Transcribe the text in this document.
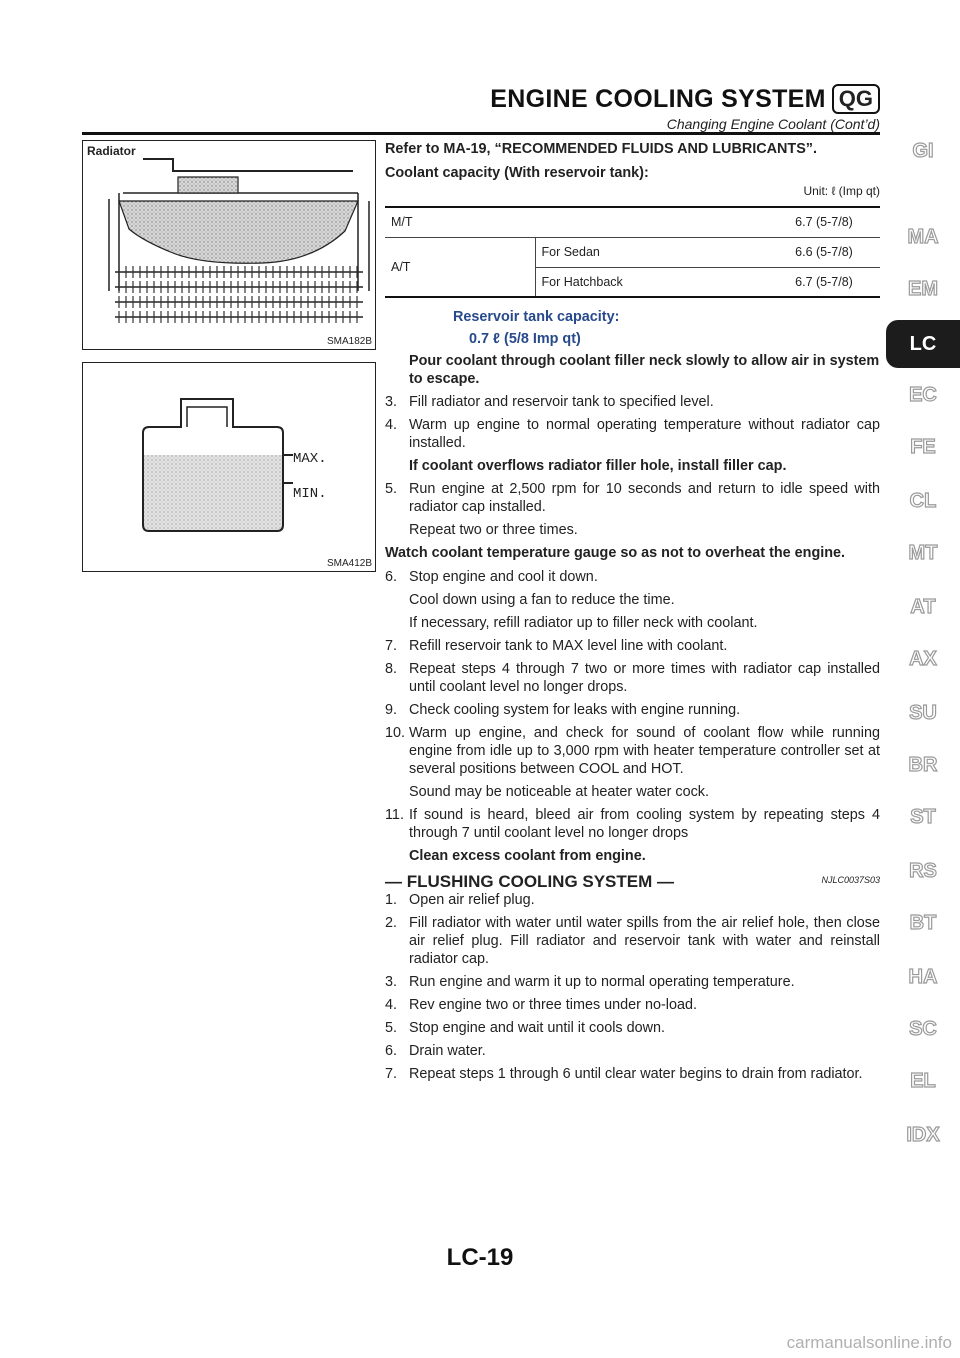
ENGINE COOLING SYSTEM QG
Changing Engine Coolant (Cont’d)
Radiator
SMA182B
MAX.
MIN.
SMA412B
Refer to MA-19, “RECOMMENDED FLUIDS AND LUBRICANTS”.
Coolant capacity (With reservoir tank):
Unit: ℓ (Imp qt)
M/T		6.7 (5-7/8)
A/T	For Sedan	6.6 (5-7/8)
	For Hatchback	6.7 (5-7/8)
Reservoir tank capacity:
0.7 ℓ (5/8 Imp qt)
Pour coolant through coolant filler neck slowly to allow air in system to escape.
3. Fill radiator and reservoir tank to specified level.
4. Warm up engine to normal operating temperature without radiator cap installed.
If coolant overflows radiator filler hole, install filler cap.
5. Run engine at 2,500 rpm for 10 seconds and return to idle speed with radiator cap installed.
Repeat two or three times.
Watch coolant temperature gauge so as not to overheat the engine.
6. Stop engine and cool it down.
Cool down using a fan to reduce the time.
If necessary, refill radiator up to filler neck with coolant.
7. Refill reservoir tank to MAX level line with coolant.
8. Repeat steps 4 through 7 two or more times with radiator cap installed until coolant level no longer drops.
9. Check cooling system for leaks with engine running.
10. Warm up engine, and check for sound of coolant flow while running engine from idle up to 3,000 rpm with heater temperature controller set at several positions between COOL and HOT.
Sound may be noticeable at heater water cock.
11. If sound is heard, bleed air from cooling system by repeating steps 4 through 7 until coolant level no longer drops
Clean excess coolant from engine.
— FLUSHING COOLING SYSTEM —	NJLC0037S03
1. Open air relief plug.
2. Fill radiator with water until water spills from the air relief hole, then close air relief plug. Fill radiator and reservoir tank with water and reinstall radiator cap.
3. Run engine and warm it up to normal operating temperature.
4. Rev engine two or three times under no-load.
5. Stop engine and wait until it cools down.
6. Drain water.
7. Repeat steps 1 through 6 until clear water begins to drain from radiator.
GI
MA
EM
LC
EC
FE
CL
MT
AT
AX
SU
BR
ST
RS
BT
HA
SC
EL
IDX
LC-19
carmanualsonline.info
